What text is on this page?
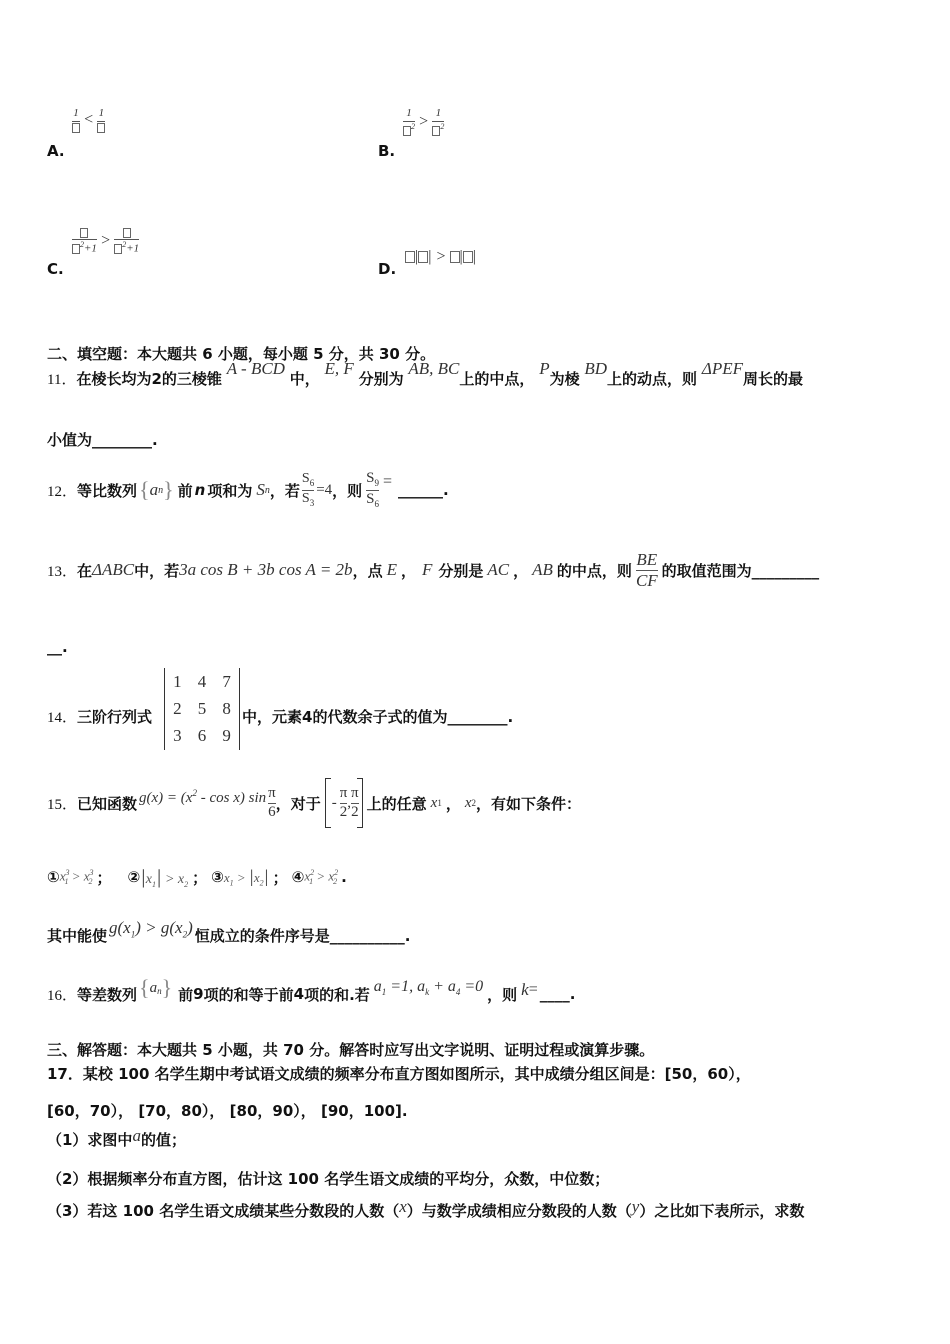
1 < 1
A.
$\frac{1}{^2} > \frac{1}{^2}$
B.
$^2$+1 >	$^2$+1
C.
| | > | |
D.
二、填空题：本大题共 6 小题，每小题 5 分，共 30 分。
11．在棱长均为2的三棱锥 A - BCD 中， E, F 分别为 AB, BC上的中点， P为棱 BD上的动点，则 ΔPEF周长的最
小值为________.
12． 等比数列 { a n } 前 n 项和为 S n ，若 $\frac{S_6}{S_3} =4$ ，则 $\frac{S_9}{S_6}$ = ______.
13． 在 ΔABC 中，若 3a cos B + 3b cos A = 2b ，点 E ， F 分别是 AC ， AB 的中点，则 $\frac{BE}{CF}$ 的取值范围为_________
__.
14．三阶行列式
1	4	7
2	5	8
3	6	9
中，元素4的代数余子式的值为________.
15． 已知函数 $g(x) = (x^2 - \cos x)$ $\sin \frac{\pi}{6}$ ，对于 - $\frac{\pi}{2}$ , $\frac{\pi}{2}$ 上的任意 x 1 ， x 2 ，有如下条件：
① $x^3_1 > x^3_2$ ； ② $|x_1| > x_2$ ； ③ $x_1 > |x_2|$ ； ④ $x^2_1 > x^2_2$ .
其中能使 $g(x_1) > g(x_2)$ 恒成立的条件序号是__________.
16． 等差数列 { $a_n$ } 前 9 项的和等于前 4 项的和.若 $a_1 =1$, $a_k + a_4 =0$ ，则 k = ____.
三、解答题：本大题共 5 小题，共 70 分。解答时应写出文字说明、证明过程或演算步骤。
17．某校 100 名学生期中考试语文成绩的频率分布直方图如图所示，其中成绩分组区间是：[50，60），
[60，70）， [70，80）， [80，90）， [90，100].
（1）求图中a的值；
（2）根据频率分布直方图，估计这 100 名学生语文成绩的平均分，众数，中位数；
（3）若这 100 名学生语文成绩某些分数段的人数（x）与数学成绩相应分数段的人数（y）之比如下表所示，求数
